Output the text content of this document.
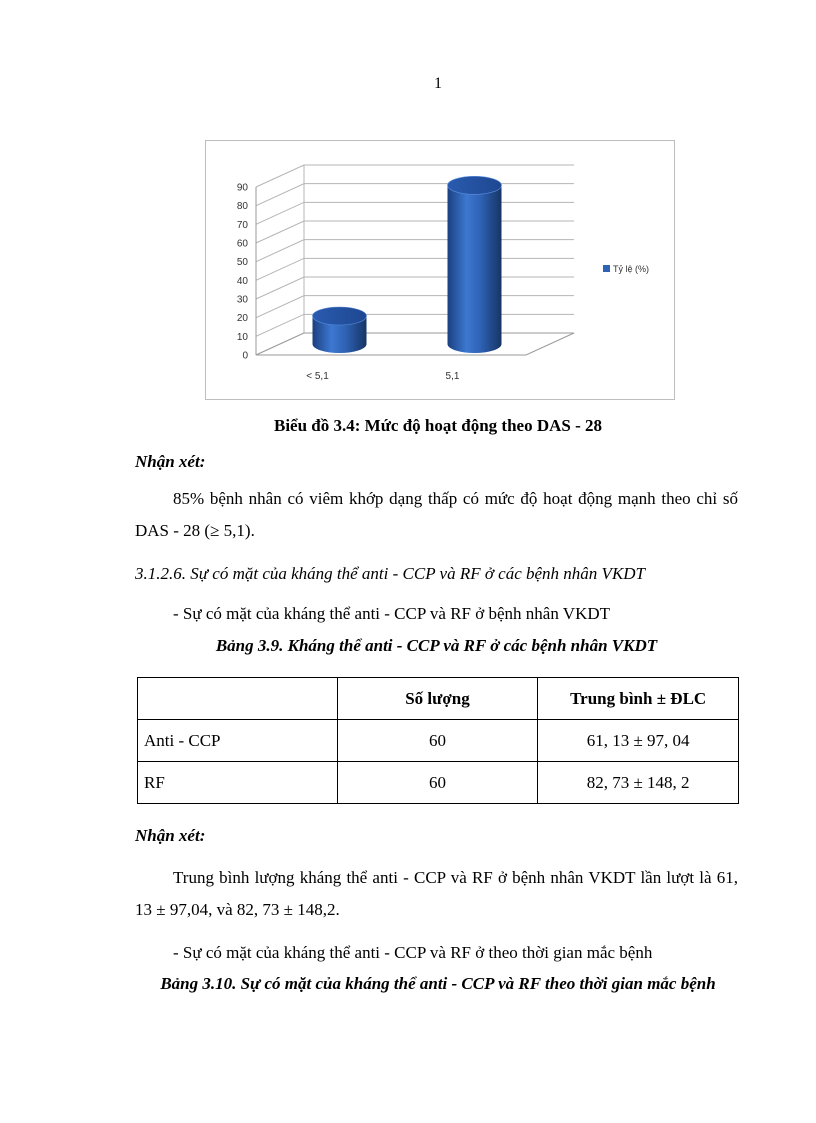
1
0
10
20
30
40
50
60
70
80
90
< 5,1	5,1
Tỷ lệ (%)
Biểu đồ 3.4: Mức độ hoạt động theo DAS - 28
Nhận xét:
85% bệnh nhân có viêm khớp dạng thấp có mức độ hoạt động mạnh theo chỉ số DAS - 28 (≥ 5,1).
3.1.2.6. Sự có mặt của kháng thể anti - CCP và RF ở các bệnh nhân VKDT
- Sự có mặt của kháng thể anti - CCP và RF ở bệnh nhân VKDT
Bảng 3.9. Kháng thể anti - CCP và RF ở các bệnh nhân VKDT
	Số lượng	Trung bình ± ĐLC
Anti - CCP	60	61, 13 ± 97, 04
RF	60	82, 73 ± 148, 2
Nhận xét:
Trung bình lượng kháng thể anti - CCP và RF ở bệnh nhân VKDT lần lượt là 61, 13 ± 97,04, và 82, 73 ± 148,2.
- Sự có mặt của kháng thể anti - CCP và RF ở theo thời gian mắc bệnh
Bảng 3.10. Sự có mặt của kháng thể anti - CCP và RF theo thời gian mắc bệnh
